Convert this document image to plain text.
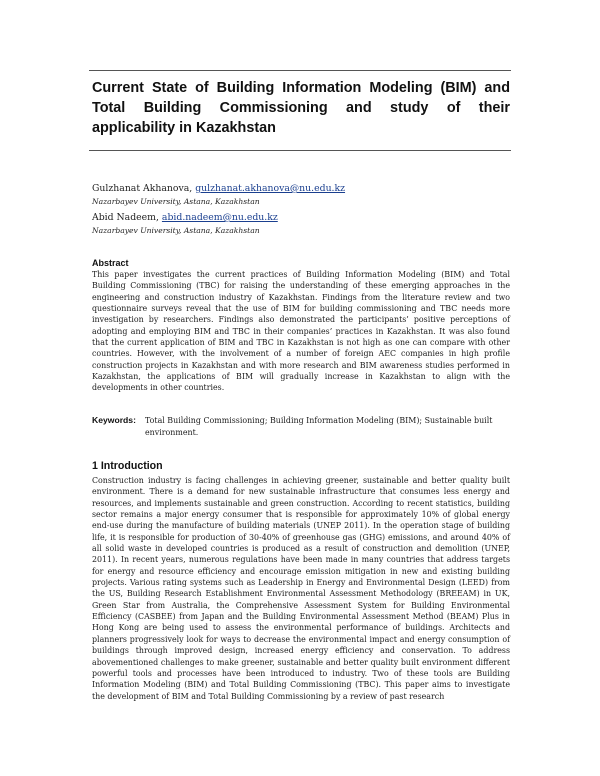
Current State of Building Information Modeling (BIM) and Total Building Commissioning and study of their applicability in Kazakhstan
Gulzhanat Akhanova, gulzhanat.akhanova@nu.edu.kz
Nazarbayev University, Astana, Kazakhstan
Abid Nadeem, abid.nadeem@nu.edu.kz
Nazarbayev University, Astana, Kazakhstan
Abstract

This paper investigates the current practices of Building Information Modeling (BIM) and Total Building Commissioning (TBC) for raising the understanding of these emerging approaches in the engineering and construction industry of Kazakhstan. Findings from the literature review and two questionnaire surveys reveal that the use of BIM for building commissioning and TBC needs more investigation by researchers. Findings also demonstrated the participants’ positive perceptions of adopting and employing BIM and TBC in their companies’ practices in Kazakhstan. It was also found that the current application of BIM and TBC in Kazakhstan is not high as one can compare with other countries. However, with the involvement of a number of foreign AEC companies in high profile construction projects in Kazakhstan and with more research and BIM awareness studies performed in Kazakhstan, the applications of BIM will gradually increase in Kazakhstan to align with the developments in other countries.

Keywords: Total Building Commissioning; Building Information Modeling (BIM); Sustainable built environment.

1 Introduction

Construction industry is facing challenges in achieving greener, sustainable and better quality built environment. There is a demand for new sustainable infrastructure that consumes less energy and resources, and implements sustainable and green construction. According to recent statistics, building sector remains a major energy consumer that is responsible for approximately 10% of global energy end-use during the manufacture of building materials (UNEP 2011). In the operation stage of building life, it is responsible for production of 30-40% of greenhouse gas (GHG) emissions, and around 40% of all solid waste in developed countries is produced as a result of construction and demolition (UNEP, 2011). In recent years, numerous regulations have been made in many countries that address targets for energy and resource efficiency and encourage emission mitigation in new and existing building projects. Various rating systems such as Leadership in Energy and Environmental Design (LEED) from the US, Building Research Establishment Environmental Assessment Methodology (BREEAM) in UK, Green Star from Australia, the Comprehensive Assessment System for Building Environmental Efficiency (CASBEE) from Japan and the Building Environmental Assessment Method (BEAM) Plus in Hong Kong are being used to assess the environmental performance of buildings. Architects and planners progressively look for ways to decrease the environmental impact and energy consumption of buildings through improved design, increased energy efficiency and conservation. To address abovementioned challenges to make greener, sustainable and better quality built environment different powerful tools and processes have been introduced to industry. Two of these tools are Building Information Modeling (BIM) and Total Building Commissioning (TBC). This paper aims to investigate the development of BIM and Total Building Commissioning by a review of past research
